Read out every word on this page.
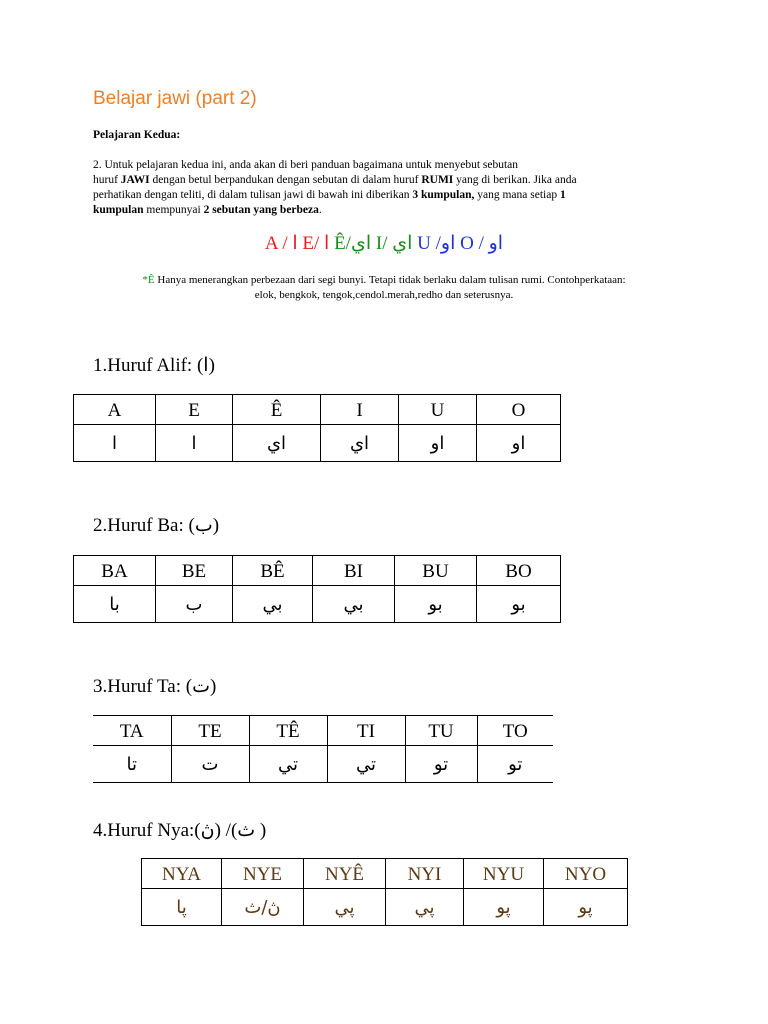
Belajar jawi (part 2)
Pelajaran Kedua:
2. Untuk pelajaran kedua ini, anda akan di beri panduan bagaimana untuk menyebut sebutan
huruf JAWI dengan betul berpandukan dengan sebutan di dalam huruf RUMI yang di berikan. Jika anda
perhatikan dengan teliti, di dalam tulisan jawi di bawah ini diberikan 3 kumpulan, yang mana setiap 1
kumpulan mempunyai 2 sebutan yang berbeza.
A / ا E/ ا Ê/اي I/ اي U /او O / او
*Ê Hanya menerangkan perbezaan dari segi bunyi. Tetapi tidak berlaku dalam tulisan rumi. Contohperkataan:
elok, bengkok, tengok,cendol.merah,redho dan seterusnya.
1.Huruf Alif: (ا)
A	E	Ê	I	U	O
ا	ا	اي	اي	او	او
2.Huruf Ba: (ب)
BA	BE	BÊ	BI	BU	BO
با	ب	بي	بي	بو	بو
3.Huruf Ta: (ت)
TA	TE	TÊ	TI	TU	TO
تا	ت	تي	تي	تو	تو
4.Huruf Nya:(ڽ) /(ث )
NYA	NYE	NYÊ	NYI	NYU	NYO
ڽا	ڽ/ث	ڽي	ڽي	ڽو	ڽو
